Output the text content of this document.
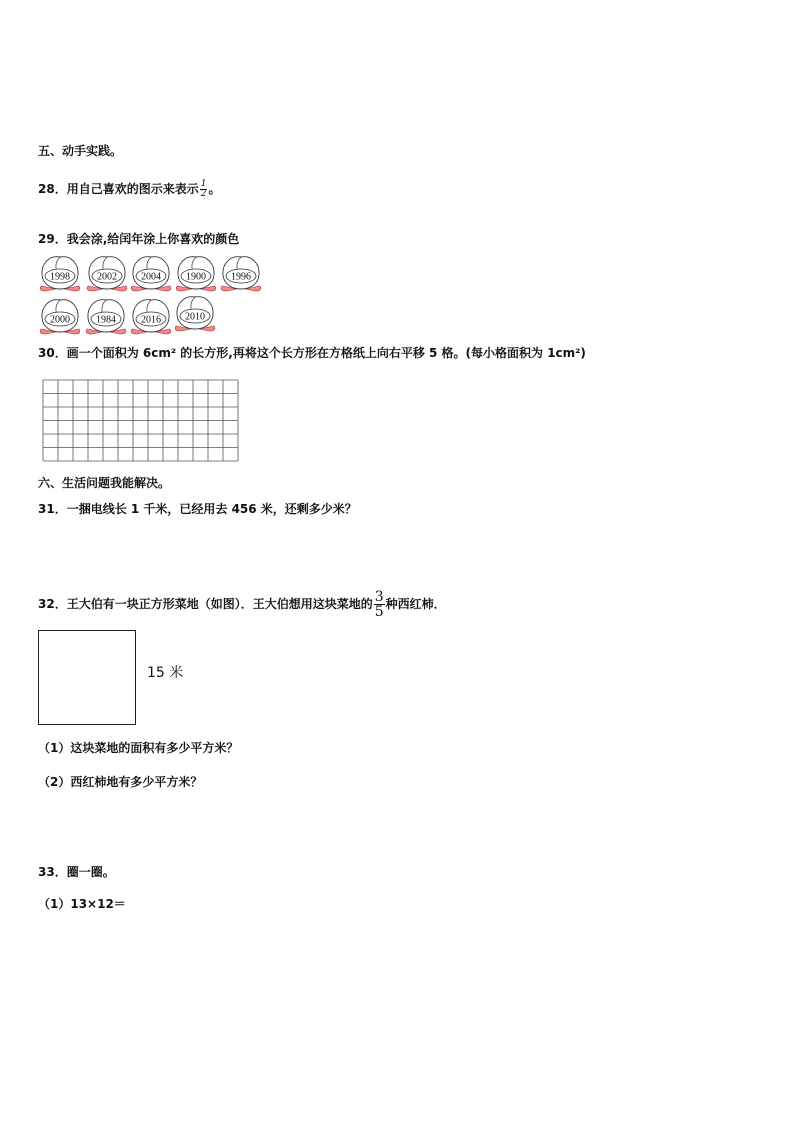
五、动手实践。
28．用自己喜欢的图示来表示 $\frac{1}{2}$ 。
29．我会涂,给闰年涂上你喜欢的颜色
1998	2002 2004	1900	1996
2000	1984	2016 2010
30．画一个面积为 6cm² 的长方形,再将这个长方形在方格纸上向右平移 5 格。(每小格面积为 1cm²)
六、生活问题我能解决。
31．一捆电线长 1 千米，已经用去 456 米，还剩多少米？
32．王大伯有一块正方形菜地（如图）．王大伯想用这块菜地的 $\frac{3}{5}$ 种西红柿．
15 米
（1）这块菜地的面积有多少平方米？
（2）西红柿地有多少平方米？
33．圈一圈。
（1）13×12＝
